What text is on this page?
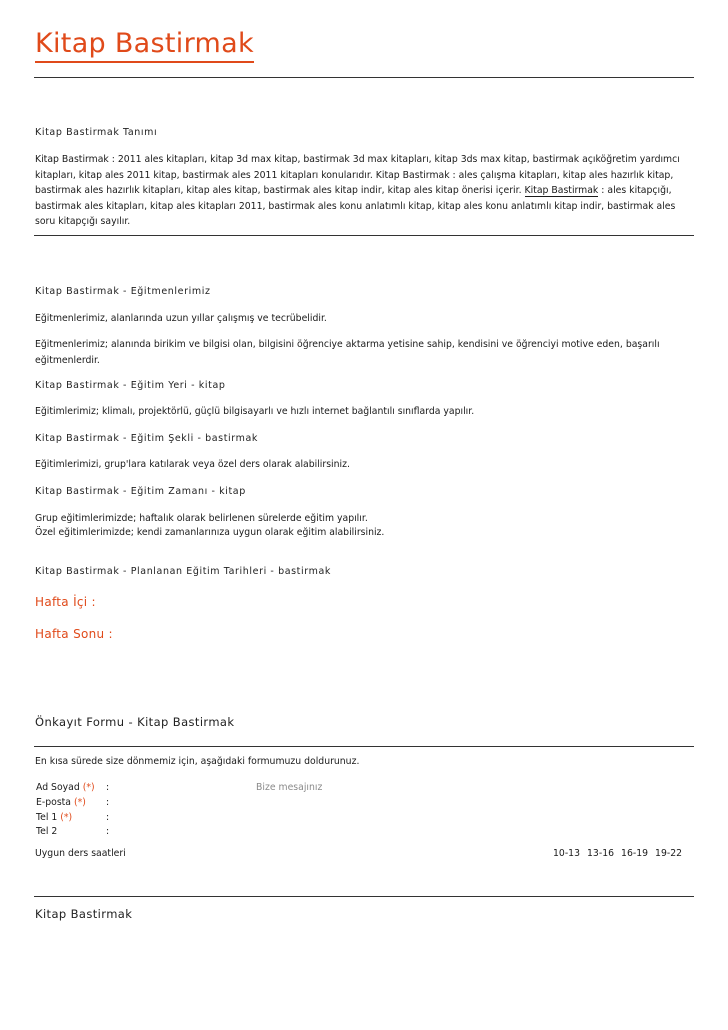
Kitap Bastirmak
Kitap Bastirmak Tanımı
Kitap Bastirmak : 2011 ales kitapları, kitap 3d max kitap, bastirmak 3d max kitapları, kitap 3ds max kitap, bastirmak açıköğretim yardımcı kitapları, kitap ales 2011 kitap, bastirmak ales 2011 kitapları konularıdır. Kitap Bastirmak : ales çalışma kitapları, kitap ales hazırlık kitap, bastirmak ales hazırlık kitapları, kitap ales kitap, bastirmak ales kitap indir, kitap ales kitap önerisi içerir. Kitap Bastirmak : ales kitapçığı, bastirmak ales kitapları, kitap ales kitapları 2011, bastirmak ales konu anlatımlı kitap, kitap ales konu anlatımlı kitap indir, bastirmak ales soru kitapçığı sayılır.
Kitap Bastirmak - Eğitmenlerimiz
Eğitmenlerimiz, alanlarında uzun yıllar çalışmış ve tecrübelidir.
Eğitmenlerimiz; alanında birikim ve bilgisi olan, bilgisini öğrenciye aktarma yetisine sahip, kendisini ve öğrenciyi motive eden, başarılı eğitmenlerdir.
Kitap Bastirmak - Eğitim Yeri - kitap
Eğitimlerimiz; klimalı, projektörlü, güçlü bilgisayarlı ve hızlı internet bağlantılı sınıflarda yapılır.
Kitap Bastirmak - Eğitim Şekli - bastirmak
Eğitimlerimizi, grup'lara katılarak veya özel ders olarak alabilirsiniz.
Kitap Bastirmak - Eğitim Zamanı - kitap
Grup eğitimlerimizde; haftalık olarak belirlenen sürelerde eğitim yapılır.
Özel eğitimlerimizde; kendi zamanlarınıza uygun olarak eğitim alabilirsiniz.
Kitap Bastirmak - Planlanan Eğitim Tarihleri - bastirmak
Hafta İçi :
Hafta Sonu :
Önkayıt Formu - Kitap Bastirmak
En kısa sürede size dönmemiz için, aşağıdaki formumuzu doldurunuz.
Ad Soyad (*) :	Bize mesajınız
E-posta (*) :
Tel 1 (*)	:
Tel 2	:
Uygun ders saatleri	10-13 13-16 16-19 19-22
Kitap Bastirmak
